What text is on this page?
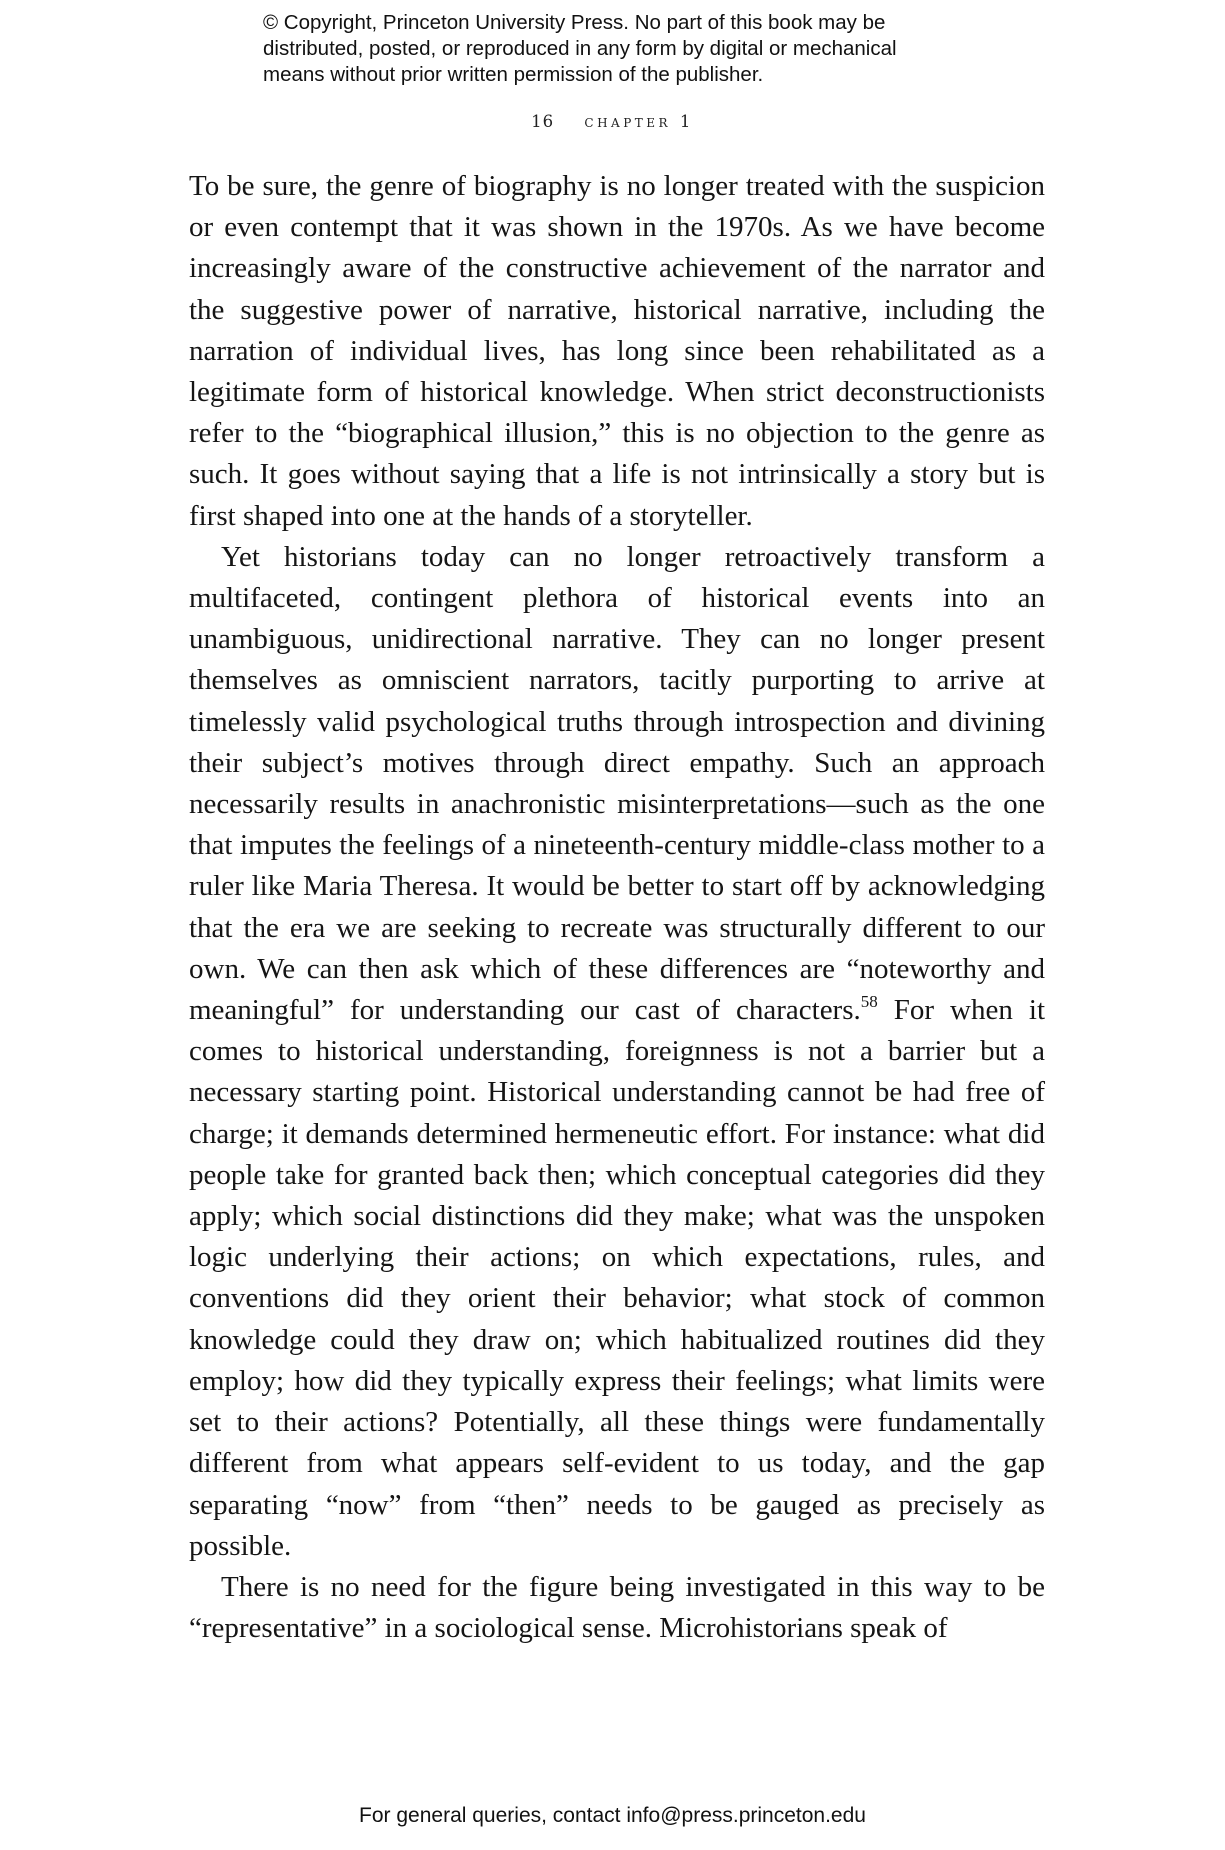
© Copyright, Princeton University Press. No part of this book may be
distributed, posted, or reproduced in any form by digital or mechanical
means without prior written permission of the publisher.
16 chapter 1

To be sure, the genre of biography is no longer treated with the suspicion or even contempt that it was shown in the 1970s. As we have become increasingly aware of the constructive achievement of the narrator and the suggestive power of narrative, historical narrative, including the narration of individual lives, has long since been rehabilitated as a legitimate form of historical knowledge. When strict deconstructionists refer to the “biographical illusion,” this is no objection to the genre as such. It goes without saying that a life is not intrinsically a story but is first shaped into one at the hands of a storyteller.

Yet historians today can no longer retroactively transform a multifaceted, contingent plethora of historical events into an unambiguous, unidirectional narrative. They can no longer present themselves as omniscient narrators, tacitly purporting to arrive at timelessly valid psychological truths through introspection and divining their subject’s motives through direct empathy. Such an approach necessarily results in anachronistic misinterpretations—such as the one that imputes the feelings of a nineteenth-century middle-class mother to a ruler like Maria Theresa. It would be better to start off by acknowledging that the era we are seeking to recreate was structurally different to our own. We can then ask which of these differences are “noteworthy and meaningful” for understanding our cast of characters.$^{58}$ For when it comes to historical understanding, foreignness is not a barrier but a necessary starting point. Historical understanding cannot be had free of charge; it demands determined hermeneutic effort. For instance: what did people take for granted back then; which conceptual categories did they apply; which social distinctions did they make; what was the unspoken logic underlying their actions; on which expectations, rules, and conventions did they orient their behavior; what stock of common knowledge could they draw on; which habitualized routines did they employ; how did they typically express their feelings; what limits were set to their actions? Potentially, all these things were fundamentally different from what appears self-evident to us today, and the gap separating “now” from “then” needs to be gauged as precisely as possible.

There is no need for the figure being investigated in this way to be “representative” in a sociological sense. Microhistorians speak of

For general queries, contact info@press.princeton.edu
